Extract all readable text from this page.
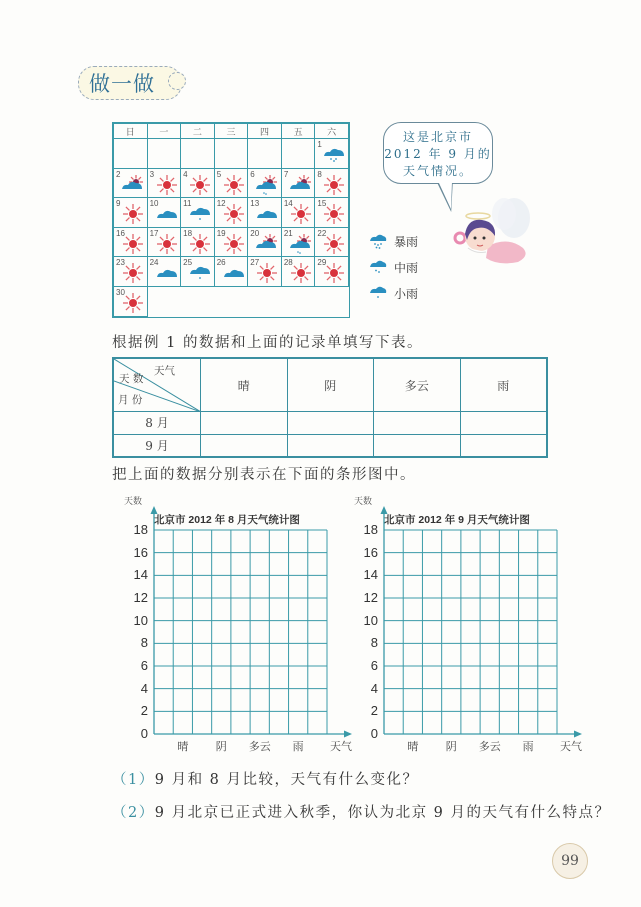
做一做
日	一	二	三	四	五	六

						1

2	3	4	5	6	7	8

9	10	11	12	13	14	15

16	17	18	19	20	21	22

23	24	25	26	27	28	29

30						

这是北京市
2012 年 9 月的
天气情况。
暴雨
中雨
小雨
根据例 1 的数据和上面的记录单填写下表。
天气
天 数
月 份	晴	阴	多云	雨
8 月				
9 月				
把上面的数据分别表示在下面的条形图中。
天数
北京市 2012 年 8 月天气统计图
0
2
4
6
8
10
12
14
16
18
晴 阴 多云 雨 天气
天数
北京市 2012 年 9 月天气统计图
0
2
4
6
8
10
12
14
16
18
晴 阴 多云 雨 天气
（1）9 月和 8 月比较，天气有什么变化？
（2）9 月北京已正式进入秋季，你认为北京 9 月的天气有什么特点？
99
